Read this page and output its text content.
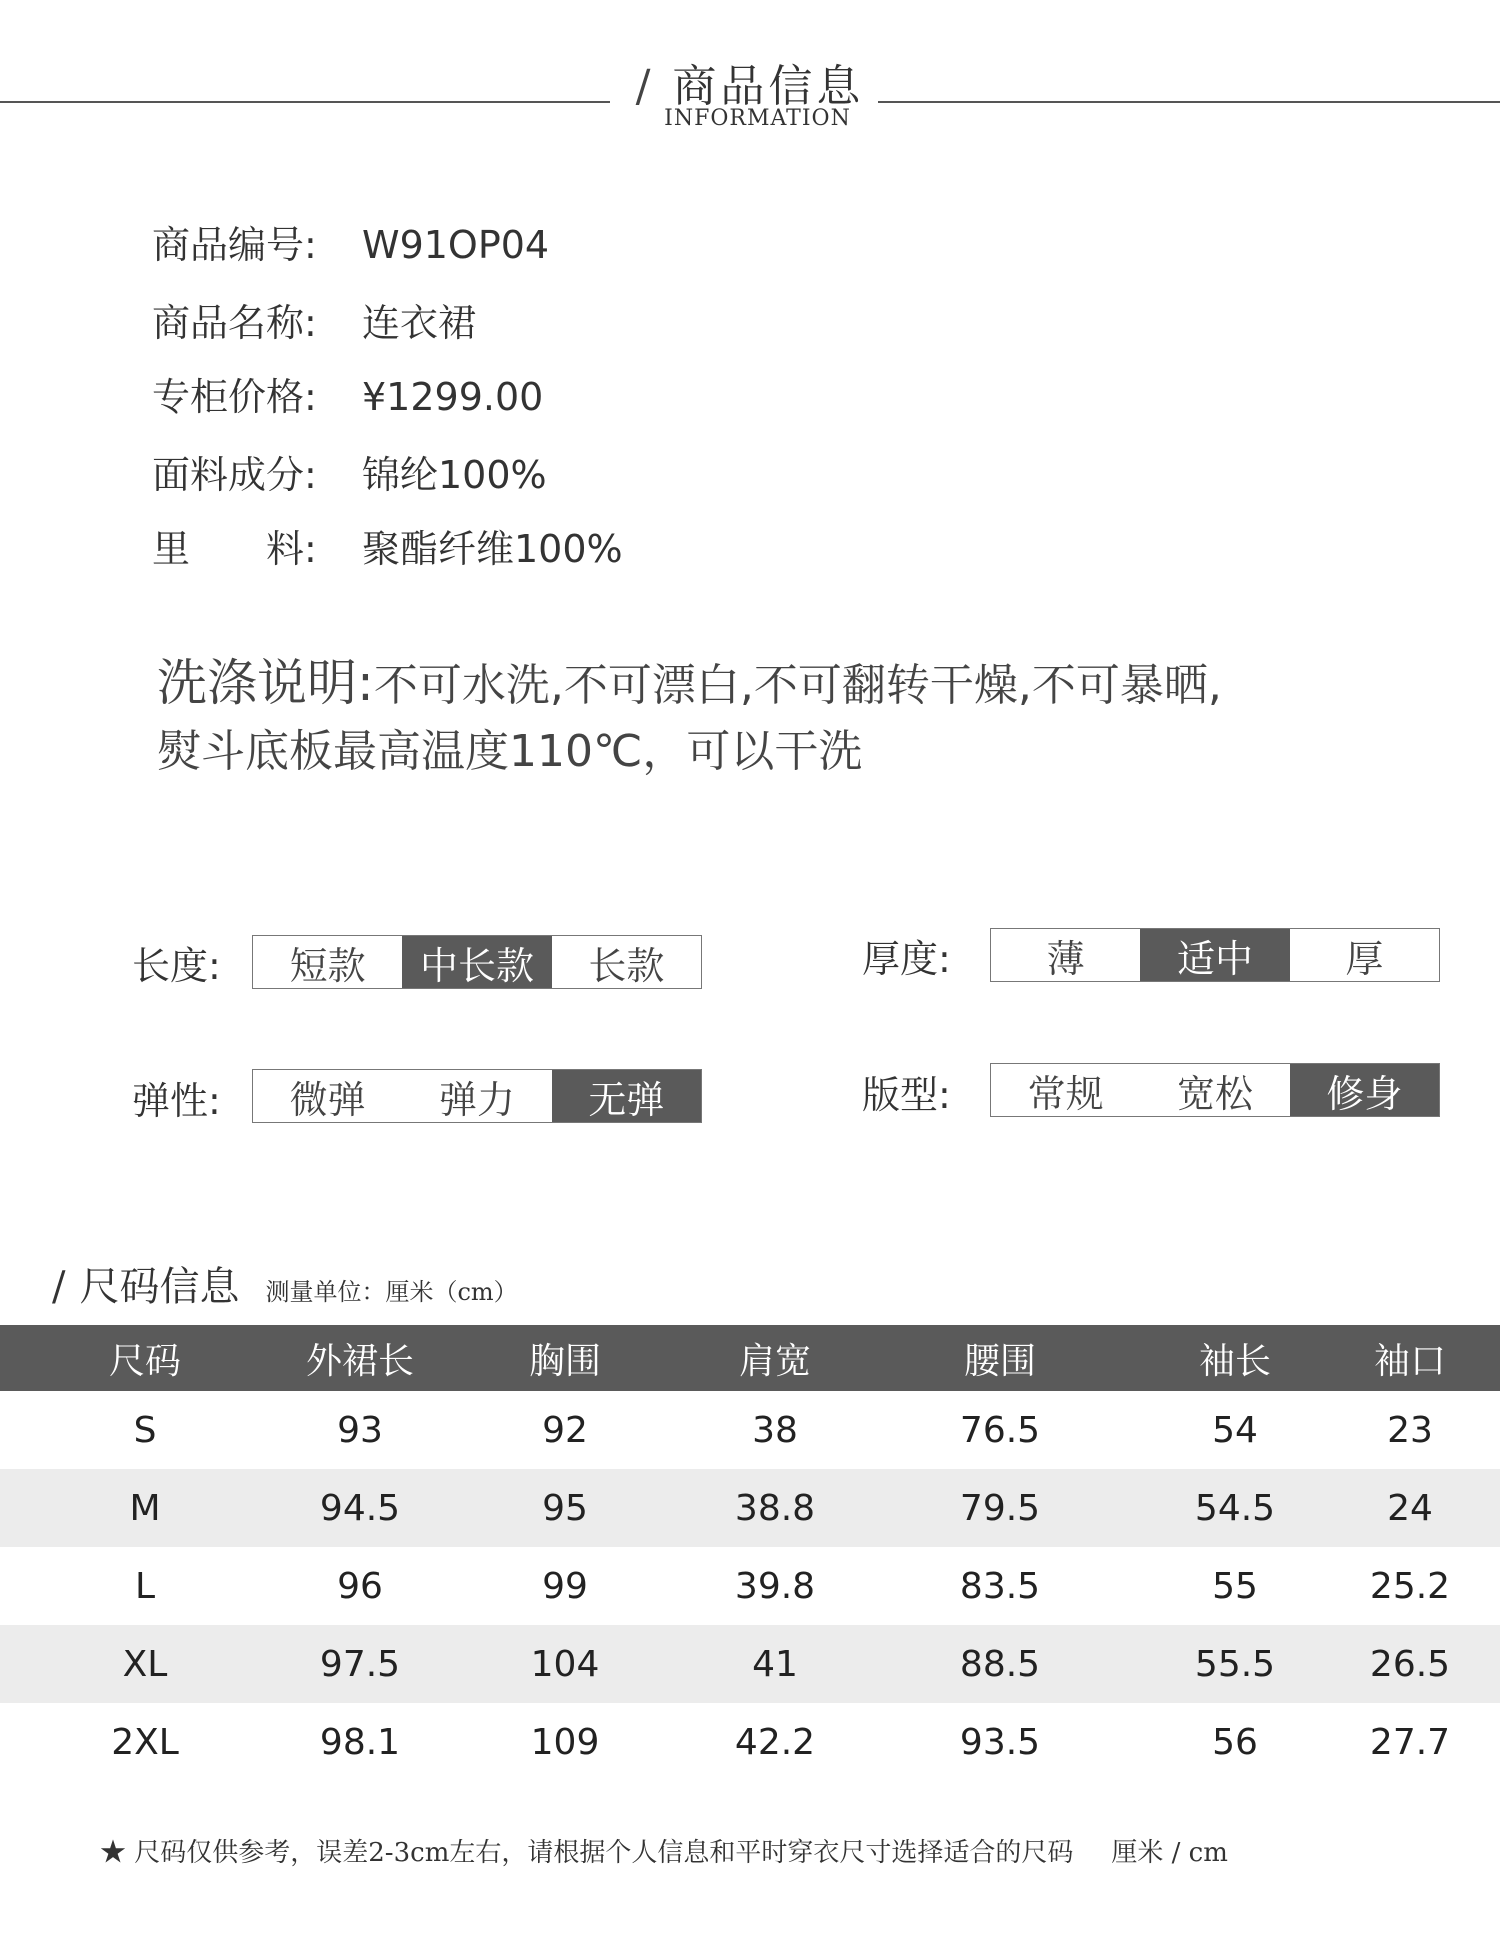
/ 商品信息
INFORMATION
商品编号: W91OP04
商品名称: 连衣裙
专柜价格: ¥1299.00
面料成分: 锦纶100%
里　　料: 聚酯纤维100%
洗涤说明:不可水洗,不可漂白,不可翻转干燥,不可暴晒,
熨斗底板最高温度110℃，可以干洗
长度:	短款	中长款	长款	厚度:	薄	适中	厚
弹性:	微弹	弹力	无弹	版型:	常规	宽松	修身
/ 尺码信息 测量单位：厘米（cm）
尺码	外裙长	胸围	肩宽	腰围	袖长	袖口
S	93	92	38	76.5	54	23
M	94.5	95	38.8	79.5	54.5	24
L	96	99	39.8	83.5	55	25.2
XL	97.5	104	41	88.5	55.5	26.5
2XL	98.1	109	42.2	93.5	56	27.7
★ 尺码仅供参考，误差2-3cm左右，请根据个人信息和平时穿衣尺寸选择适合的尺码 厘米 / cm
